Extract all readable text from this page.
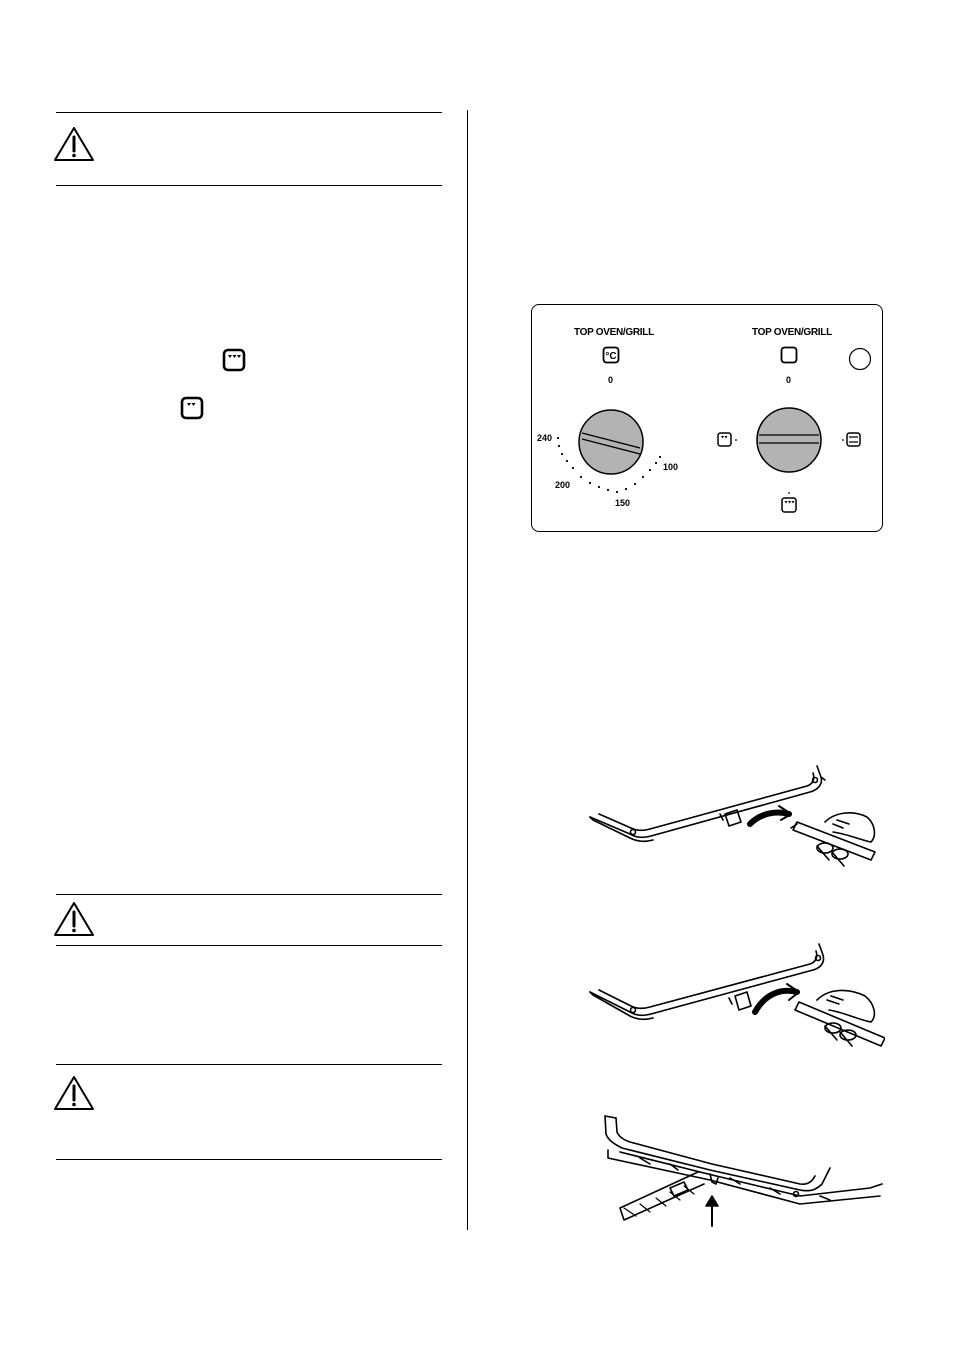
TOP OVEN/GRILL	TOP OVEN/GRILL
°C
0	0
240
200
150
100
